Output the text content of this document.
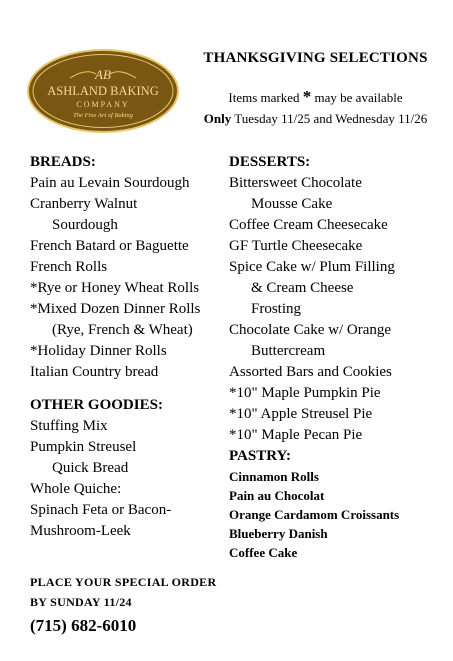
AB
ASHLAND BAKING
COMPANY
The Fine Art of Baking
THANKSGIVING SELECTIONS
Items marked * may be available
Only Tuesday 11/25 and Wednesday 11/26
BREADS:
Pain au Levain Sourdough
Cranberry Walnut
Sourdough
French Batard or Baguette
French Rolls
*Rye or Honey Wheat Rolls
*Mixed Dozen Dinner Rolls
(Rye, French & Wheat)
*Holiday Dinner Rolls
Italian Country bread
OTHER GOODIES:
Stuffing Mix
Pumpkin Streusel
Quick Bread
Whole Quiche:
Spinach Feta or Bacon-
Mushroom-Leek
DESSERTS:
Bittersweet Chocolate
Mousse Cake
Coffee Cream Cheesecake
GF Turtle Cheesecake
Spice Cake w/ Plum Filling
& Cream Cheese
Frosting
Chocolate Cake w/ Orange
Buttercream
Assorted Bars and Cookies
*10" Maple Pumpkin Pie
*10" Apple Streusel Pie
*10" Maple Pecan Pie
PASTRY:
Cinnamon Rolls
Pain au Chocolat
Orange Cardamom Croissants
Blueberry Danish
Coffee Cake
PLACE YOUR SPECIAL ORDER
BY SUNDAY 11/24
(715) 682-6010
